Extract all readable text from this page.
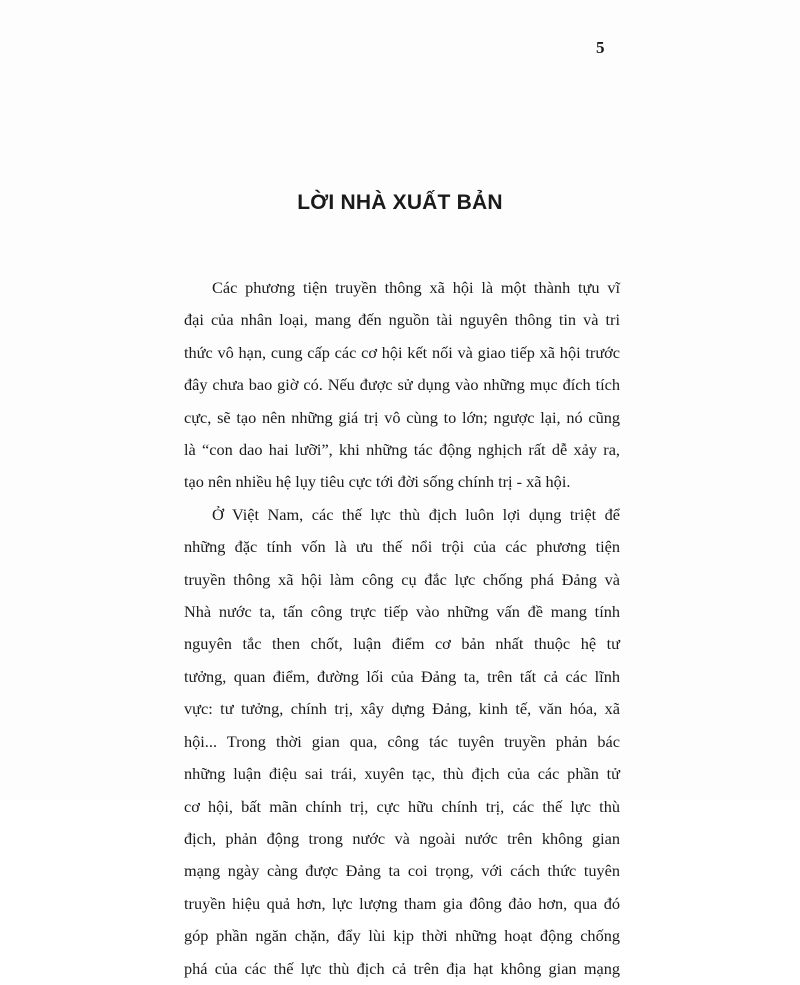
5
LỜI NHÀ XUẤT BẢN
Các phương tiện truyền thông xã hội là một thành tựu vĩ
đại của nhân loại, mang đến nguồn tài nguyên thông tin và tri
thức vô hạn, cung cấp các cơ hội kết nối và giao tiếp xã hội trước
đây chưa bao giờ có. Nếu được sử dụng vào những mục đích tích
cực, sẽ tạo nên những giá trị vô cùng to lớn; ngược lại, nó cũng
là “con dao hai lưỡi”, khi những tác động nghịch rất dễ xảy ra,
tạo nên nhiều hệ lụy tiêu cực tới đời sống chính trị - xã hội.
Ở Việt Nam, các thế lực thù địch luôn lợi dụng triệt để
những đặc tính vốn là ưu thế nổi trội của các phương tiện
truyền thông xã hội làm công cụ đắc lực chống phá Đảng và
Nhà nước ta, tấn công trực tiếp vào những vấn đề mang tính
nguyên tắc then chốt, luận điểm cơ bản nhất thuộc hệ tư
tưởng, quan điểm, đường lối của Đảng ta, trên tất cả các lĩnh
vực: tư tưởng, chính trị, xây dựng Đảng, kinh tế, văn hóa, xã
hội... Trong thời gian qua, công tác tuyên truyền phản bác
những luận điệu sai trái, xuyên tạc, thù địch của các phần tử
cơ hội, bất mãn chính trị, cực hữu chính trị, các thế lực thù
địch, phản động trong nước và ngoài nước trên không gian
mạng ngày càng được Đảng ta coi trọng, với cách thức tuyên
truyền hiệu quả hơn, lực lượng tham gia đông đảo hơn, qua đó
góp phần ngăn chặn, đẩy lùi kịp thời những hoạt động chống
phá của các thế lực thù địch cả trên địa hạt không gian mạng
